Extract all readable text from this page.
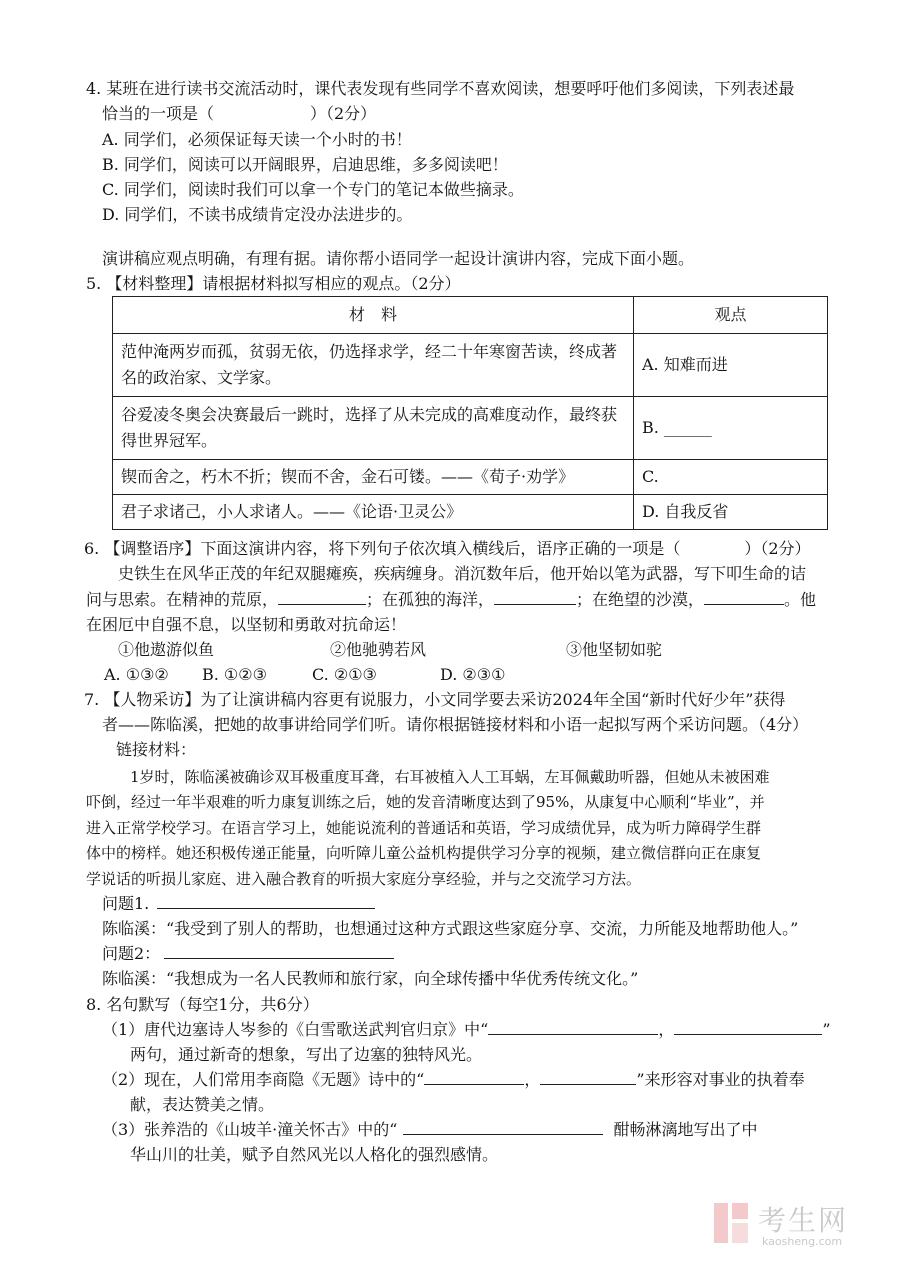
4. 某班在进行读书交流活动时，课代表发现有些同学不喜欢阅读，想要呼吁他们多阅读，下列表述最
恰当的一项是（　　　　　　）（2分）
A. 同学们，必须保证每天读一个小时的书！
B. 同学们，阅读可以开阔眼界，启迪思维，多多阅读吧！
C. 同学们，阅读时我们可以拿一个专门的笔记本做些摘录。
D. 同学们，不读书成绩肯定没办法进步的。
演讲稿应观点明确，有理有据。请你帮小语同学一起设计演讲内容，完成下面小题。
5. 【材料整理】请根据材料拟写相应的观点。（2分）
材　料	观点
范仲淹两岁而孤，贫弱无依，仍选择求学，经二十年寒窗苦读，终成著名的政治家、文学家。	A. 知难而进
谷爱凌冬奥会决赛最后一跳时，选择了从未完成的高难度动作，最终获得世界冠军。	B. ______
锲而舍之，朽木不折；锲而不舍，金石可镂。——《荀子·劝学》	C.
君子求诸己，小人求诸人。——《论语·卫灵公》	D. 自我反省
6. 【调整语序】下面这演讲内容，将下列句子依次填入横线后，语序正确的一项是（　　　　）（2分）
史铁生在风华正茂的年纪双腿瘫痪，疾病缠身。消沉数年后，他开始以笔为武器，写下叩生命的诘
问与思索。在精神的荒原，	；在孤独的海洋，	；在绝望的沙漠，	。他
在困厄中自强不息，以坚韧和勇敢对抗命运！
①他遨游似鱼	②他驰骋若风	③他坚韧如驼
A. ①③② B. ①②③	C. ②①③	D. ②③①
7. 【人物采访】为了让演讲稿内容更有说服力，小文同学要去采访2024年全国“新时代好少年”获得
者——陈临溪，把她的故事讲给同学们听。请你根据链接材料和小语一起拟写两个采访问题。（4分）
链接材料：
1岁时，陈临溪被确诊双耳极重度耳聋，右耳被植入人工耳蜗，左耳佩戴助听器，但她从未被困难
吓倒，经过一年半艰难的听力康复训练之后，她的发音清晰度达到了95%，从康复中心顺利“毕业”，并
进入正常学校学习。在语言学习上，她能说流利的普通话和英语，学习成绩优异，成为听力障碍学生群
体中的榜样。她还积极传递正能量，向听障儿童公益机构提供学习分享的视频，建立微信群向正在康复
学说话的听损儿家庭、进入融合教育的听损大家庭分享经验，并与之交流学习方法。
问题1.
陈临溪：“我受到了别人的帮助，也想通过这种方式跟这些家庭分享、交流，力所能及地帮助他人。”
问题2：
陈临溪：“我想成为一名人民教师和旅行家，向全球传播中华优秀传统文化。”
8. 名句默写（每空1分，共6分）
（1）唐代边塞诗人岑参的《白雪歌送武判官归京》中“	，	”
两句，通过新奇的想象，写出了边塞的独特风光。
（2）现在，人们常用李商隐《无题》诗中的“	，	”来形容对事业的执着奉
献，表达赞美之情。
（3）张养浩的《山坡羊·潼关怀古》中的“	酣畅淋漓地写出了中
华山川的壮美，赋予自然风光以人格化的强烈感情。
考生网
kaosheng.com
